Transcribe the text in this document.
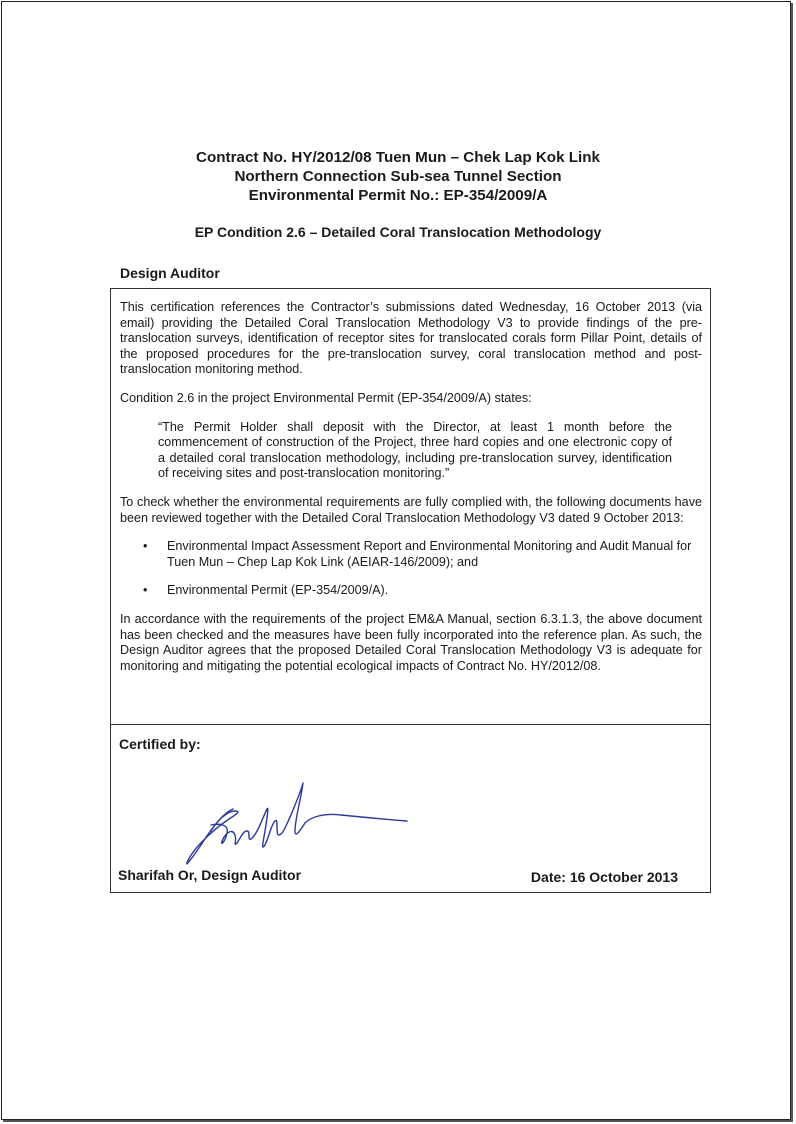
Contract No. HY/2012/08 Tuen Mun – Chek Lap Kok Link
Northern Connection Sub-sea Tunnel Section
Environmental Permit No.: EP-354/2009/A
EP Condition 2.6 – Detailed Coral Translocation Methodology
Design Auditor

This certification references the Contractor’s submissions dated Wednesday, 16 October 2013 (via email) providing the Detailed Coral Translocation Methodology V3 to provide findings of the pre-translocation surveys, identification of receptor sites for translocated corals form Pillar Point, details of the proposed procedures for the pre-translocation survey, coral translocation method and post-translocation monitoring method.

Condition 2.6 in the project Environmental Permit (EP-354/2009/A) states:

“The Permit Holder shall deposit with the Director, at least 1 month before the commencement of construction of the Project, three hard copies and one electronic copy of a detailed coral translocation methodology, including pre-translocation survey, identification of receiving sites and post-translocation monitoring.”

To check whether the environmental requirements are fully complied with, the following documents have been reviewed together with the Detailed Coral Translocation Methodology V3 dated 9 October 2013:

• Environmental Impact Assessment Report and Environmental Monitoring and Audit Manual for Tuen Mun – Chep Lap Kok Link (AEIAR-146/2009); and
• Environmental Permit (EP-354/2009/A).

In accordance with the requirements of the project EM&A Manual, section 6.3.1.3, the above document has been checked and the measures have been fully incorporated into the reference plan. As such, the Design Auditor agrees that the proposed Detailed Coral Translocation Methodology V3 is adequate for monitoring and mitigating the potential ecological impacts of Contract No. HY/2012/08.

Certified by:
Sharifah Or, Design Auditor	Date: 16 October 2013
